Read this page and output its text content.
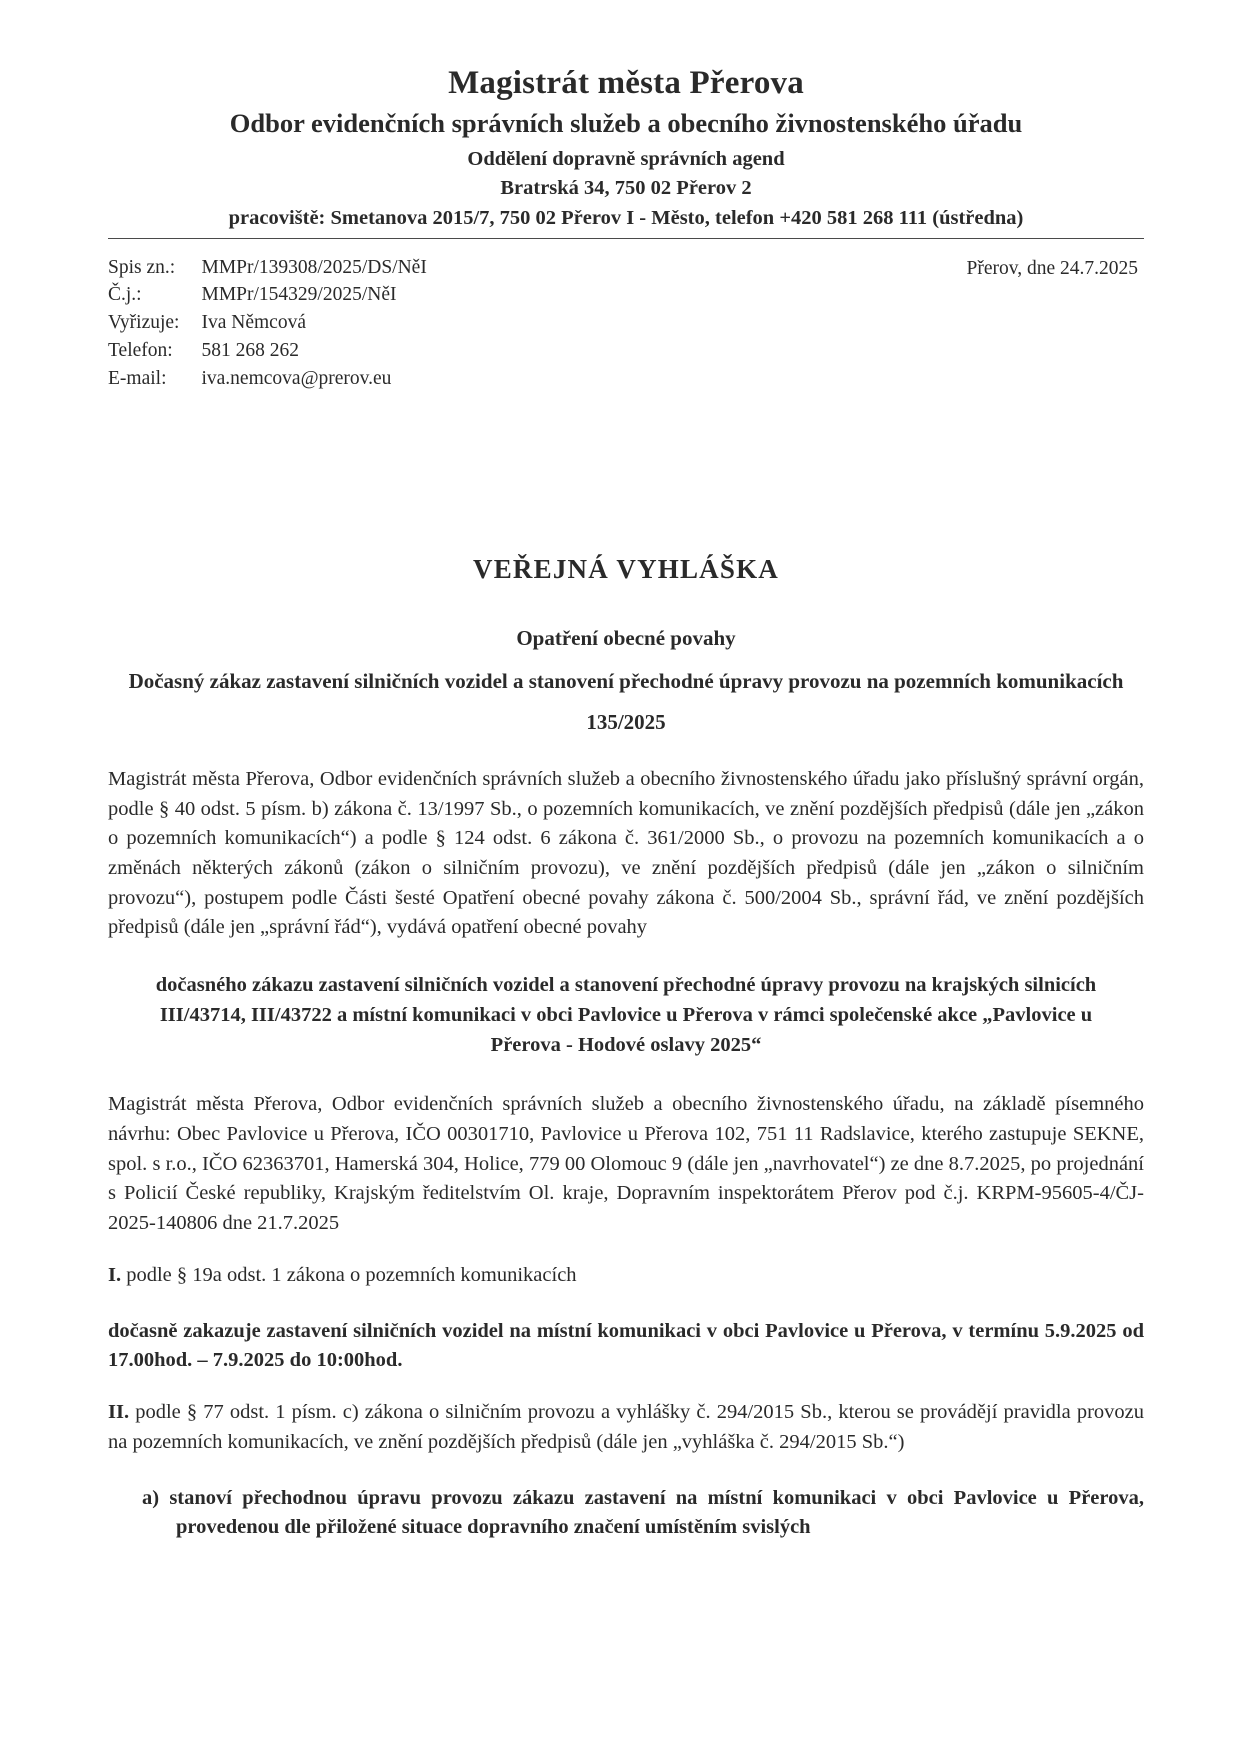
Magistrát města Přerova
Odbor evidenčních správních služeb a obecního živnostenského úřadu
Oddělení dopravně správních agend
Bratrská 34, 750 02 Přerov 2
pracoviště: Smetanova 2015/7, 750 02 Přerov I - Město, telefon +420 581 268 111 (ústředna)
Spis zn.:	MMPr/139308/2025/DS/NěI
Č.j.:	MMPr/154329/2025/NěI
Vyřizuje:	Iva Němcová
Telefon:	581 268 262
E-mail:	iva.nemcova@prerov.eu
Přerov, dne 24.7.2025
VEŘEJNÁ VYHLÁŠKA
Opatření obecné povahy
Dočasný zákaz zastavení silničních vozidel a stanovení přechodné úpravy provozu na pozemních komunikacích
135/2025

Magistrát města Přerova, Odbor evidenčních správních služeb a obecního živnostenského úřadu jako příslušný správní orgán, podle § 40 odst. 5 písm. b) zákona č. 13/1997 Sb., o pozemních komunikacích, ve znění pozdějších předpisů (dále jen „zákon o pozemních komunikacích“) a podle § 124 odst. 6 zákona č. 361/2000 Sb., o provozu na pozemních komunikacích a o změnách některých zákonů (zákon o silničním provozu), ve znění pozdějších předpisů (dále jen „zákon o silničním provozu“), postupem podle Části šesté Opatření obecné povahy zákona č. 500/2004 Sb., správní řád, ve znění pozdějších předpisů (dále jen „správní řád“), vydává opatření obecné povahy

dočasného zákazu zastavení silničních vozidel a stanovení přechodné úpravy provozu na krajských silnicích III/43714, III/43722 a místní komunikaci v obci Pavlovice u Přerova v rámci společenské akce „Pavlovice u Přerova - Hodové oslavy 2025“

Magistrát města Přerova, Odbor evidenčních správních služeb a obecního živnostenského úřadu, na základě písemného návrhu: Obec Pavlovice u Přerova, IČO 00301710, Pavlovice u Přerova 102, 751 11 Radslavice, kterého zastupuje SEKNE, spol. s r.o., IČO 62363701, Hamerská 304, Holice, 779 00 Olomouc 9 (dále jen „navrhovatel“) ze dne 8.7.2025, po projednání s Policií České republiky, Krajským ředitelstvím Ol. kraje, Dopravním inspektorátem Přerov pod č.j. KRPM-95605-4/ČJ-2025-140806 dne 21.7.2025

I. podle § 19a odst. 1 zákona o pozemních komunikacích

dočasně zakazuje zastavení silničních vozidel na místní komunikaci v obci Pavlovice u Přerova, v termínu 5.9.2025 od 17.00hod. – 7.9.2025 do 10:00hod.

II. podle § 77 odst. 1 písm. c) zákona o silničním provozu a vyhlášky č. 294/2015 Sb., kterou se provádějí pravidla provozu na pozemních komunikacích, ve znění pozdějších předpisů (dále jen „vyhláška č. 294/2015 Sb.“)

a) stanoví přechodnou úpravu provozu zákazu zastavení na místní komunikaci v obci Pavlovice u Přerova, provedenou dle přiložené situace dopravního značení umístěním svislých
